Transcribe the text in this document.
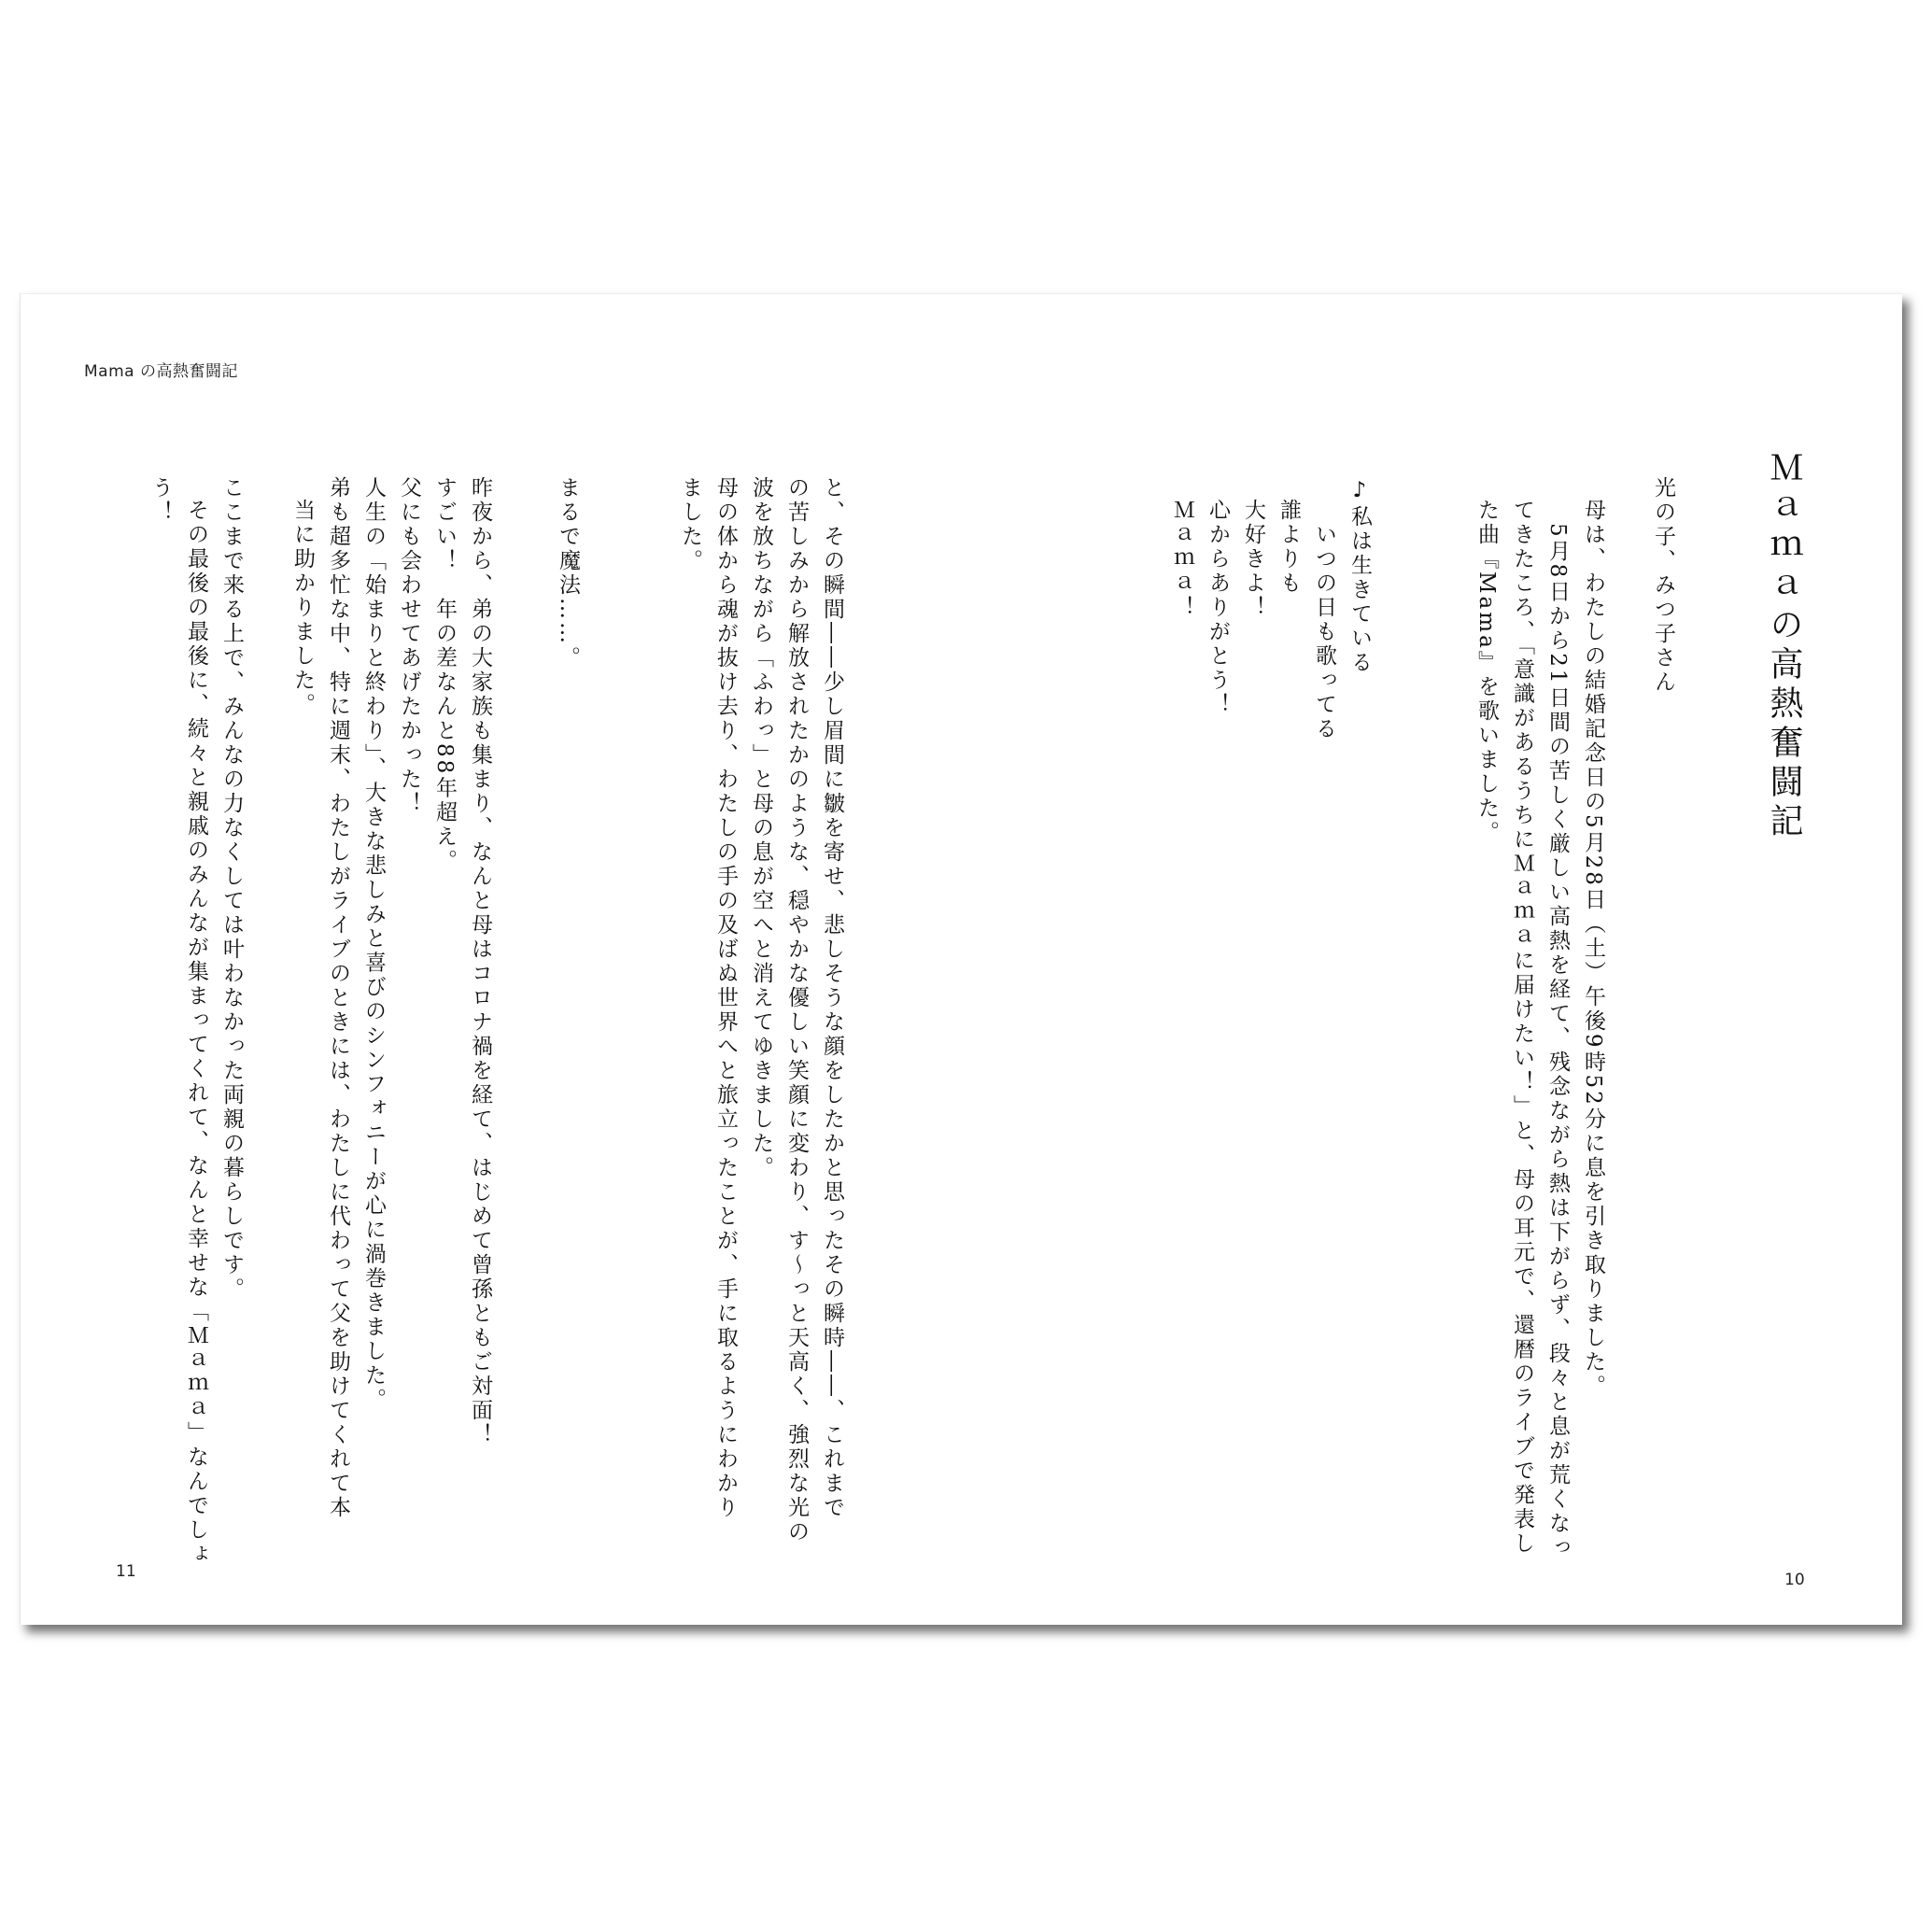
Mama の高熱奮闘記
11	10
Ｍａｍａの高熱奮闘記
光の子、みつ子さん
母は、わたしの結婚記念日の5月28日（土）午後9時52分に息を引き取りました。
5月8日から21日間の苦しく厳しい高熱を経て、残念ながら熱は下がらず、段々と息が荒くなっ
てきたころ、「意識があるうちにＭａｍａに届けたい！」と、母の耳元で、還暦のライブで発表し
た曲『Mama』を歌いました。
♪私は生きている
いつの日も歌ってる
誰よりも
大好きよ！
心からありがとう！
Ｍａｍａ！
と、その瞬間――少し眉間に皺を寄せ、悲しそうな顔をしたかと思ったその瞬時――、これまで
の苦しみから解放されたかのような、穏やかな優しい笑顔に変わり、す〜っと天高く、強烈な光の
波を放ちながら「ふわっ」と母の息が空へと消えてゆきました。
母の体から魂が抜け去り、わたしの手の及ばぬ世界へと旅立ったことが、手に取るようにわかり
ました。
まるで魔法……。
昨夜から、弟の大家族も集まり、なんと母はコロナ禍を経て、はじめて曾孫ともご対面！
すごい！　年の差なんと88年超え。
父にも会わせてあげたかった！
人生の「始まりと終わり」、大きな悲しみと喜びのシンフォニーが心に渦巻きました。
弟も超多忙な中、特に週末、わたしがライブのときには、わたしに代わって父を助けてくれて本
当に助かりました。
ここまで来る上で、みんなの力なくしては叶わなかった両親の暮らしです。
その最後の最後に、続々と親戚のみんなが集まってくれて、なんと幸せな「Ｍａｍａ」なんでしょ
う！
